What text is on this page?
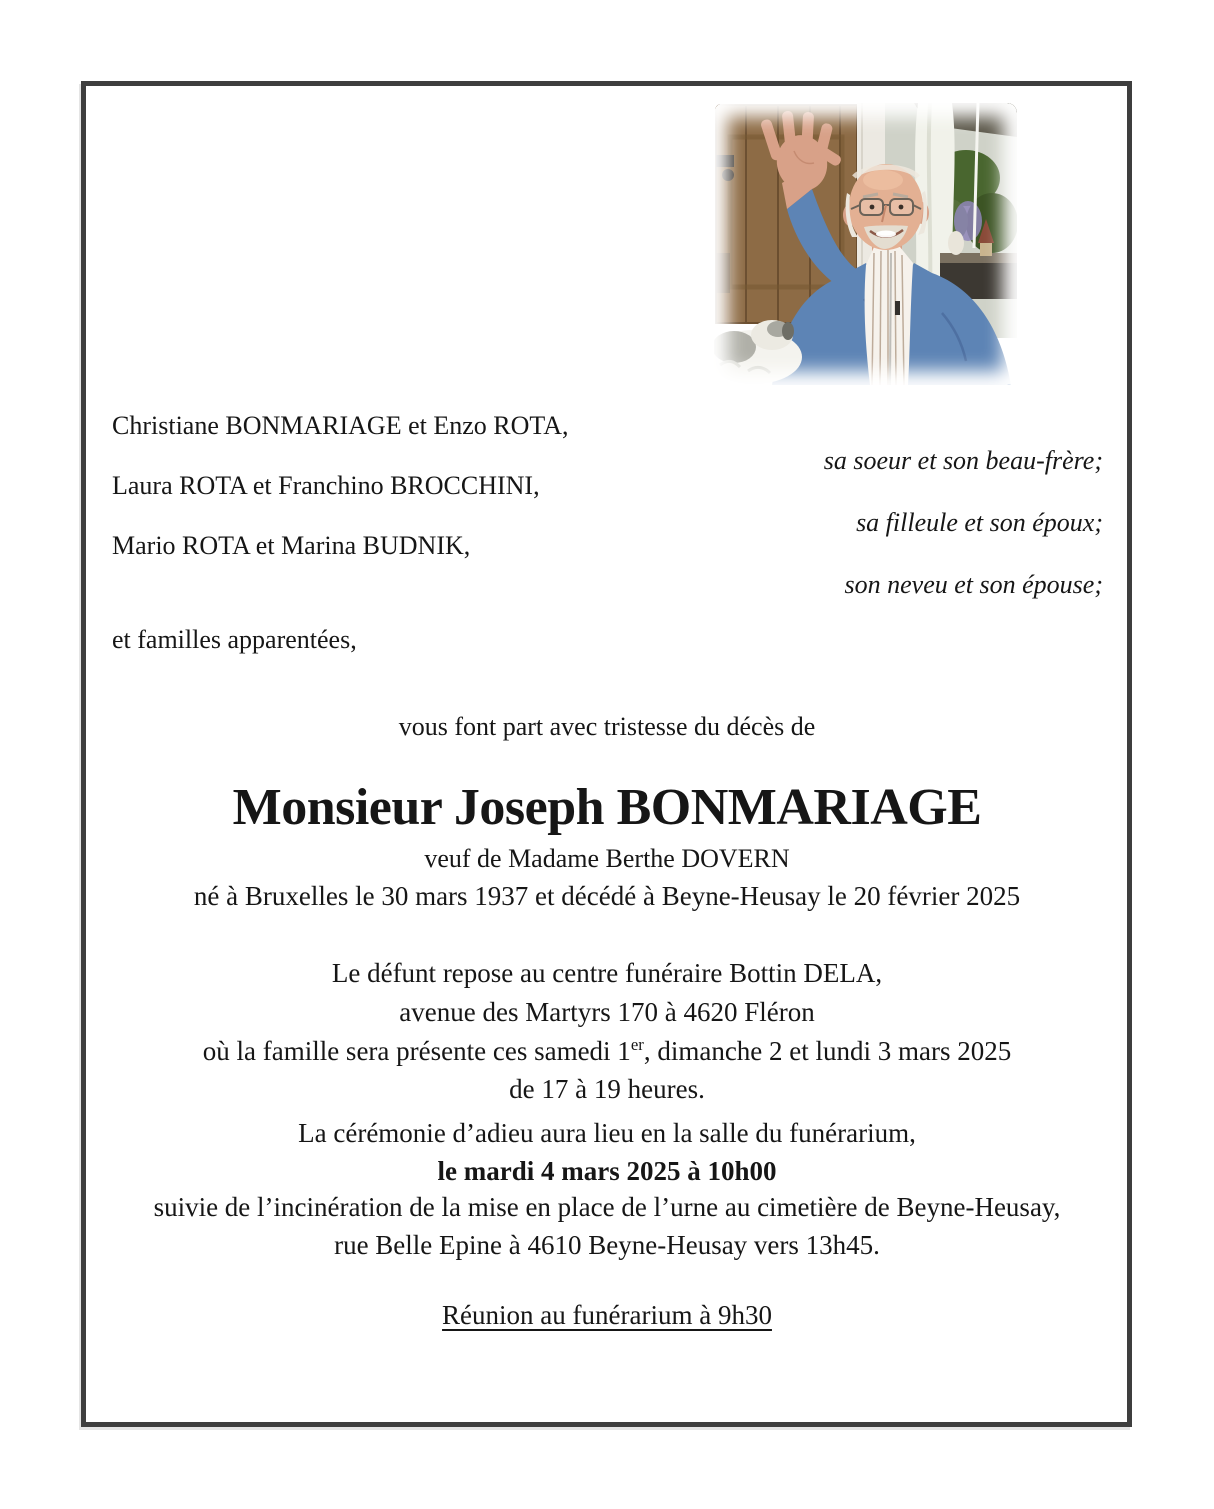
Christiane BONMARIAGE et Enzo ROTA,
sa soeur et son beau-frère;
Laura ROTA et Franchino BROCCHINI,
sa filleule et son époux;
Mario ROTA et Marina BUDNIK,
son neveu et son épouse;
et familles apparentées,
vous font part avec tristesse du décès de
Monsieur Joseph BONMARIAGE
veuf de Madame Berthe DOVERN
né à Bruxelles le 30 mars 1937 et décédé à Beyne-Heusay le 20 février 2025
Le défunt repose au centre funéraire Bottin DELA,
avenue des Martyrs 170 à 4620 Fléron
où la famille sera présente ces samedi 1er, dimanche 2 et lundi 3 mars 2025
de 17 à 19 heures.
La cérémonie d’adieu aura lieu en la salle du funérarium,
le mardi 4 mars 2025 à 10h00
suivie de l’incinération de la mise en place de l’urne au cimetière de Beyne-Heusay,
rue Belle Epine à 4610 Beyne-Heusay vers 13h45.
Réunion au funérarium à 9h30
